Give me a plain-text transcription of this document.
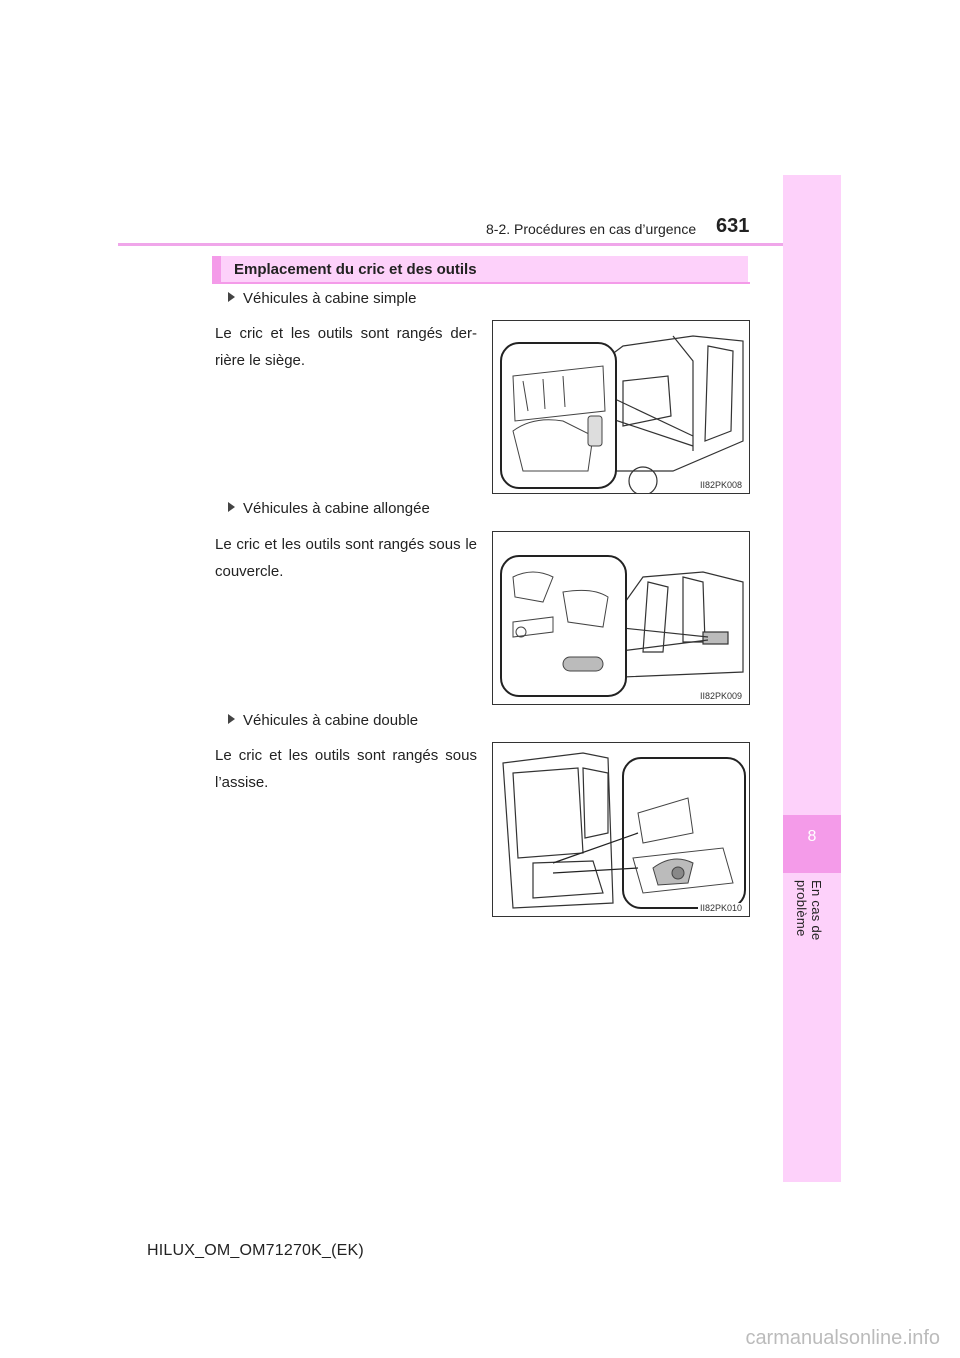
8-2. Procédures en cas d’urgence 631
8
En cas de problème
Emplacement du cric et des outils
Véhicules à cabine simple
Le cric et les outils sont rangés der-rière le siège.
II82PK008
Véhicules à cabine allongée
Le cric et les outils sont rangés sous le couvercle.
II82PK009
Véhicules à cabine double
Le cric et les outils sont rangés sous l’assise.
II82PK010
HILUX_OM_OM71270K_(EK)
carmanualsonline.info
